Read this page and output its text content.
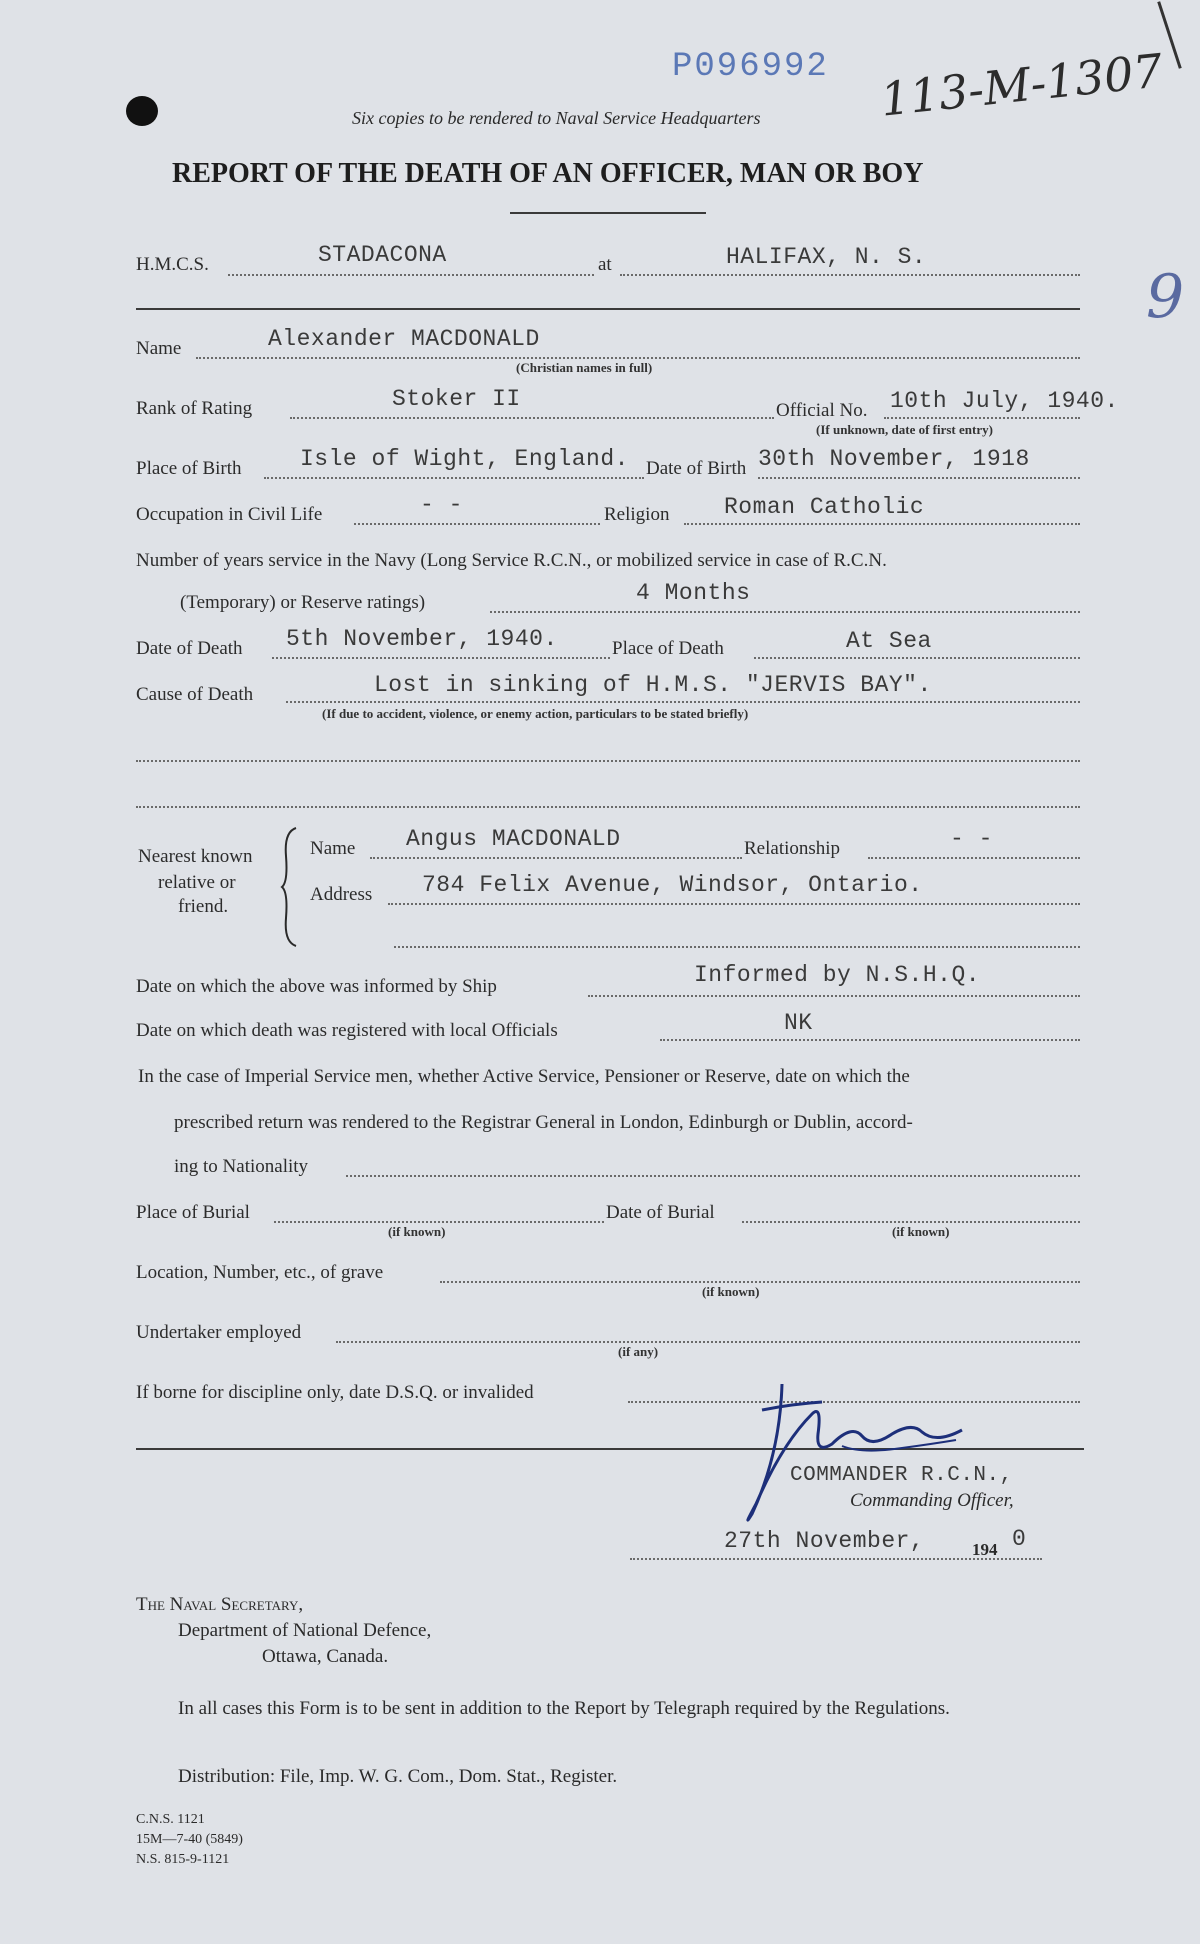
P096992 113-M-1307
9
Six copies to be rendered to Naval Service Headquarters
REPORT OF THE DEATH OF AN OFFICER, MAN OR BOY
H.M.C.S.	STADACONA	at	HALIFAX, N. S.
Name	Alexander MACDONALD
(Christian names in full)
Rank of Rating	Stoker II	Official No. 10th July, 1940.
(If unknown, date of first entry)
Place of Birth	Isle of Wight, England. Date of Birth 30th November, 1918
Occupation in Civil Life	- -	Religion Roman Catholic
Number of years service in the Navy (Long Service R.C.N., or mobilized service in case of R.C.N.
(Temporary) or Reserve ratings)	4 Months
Date of Death 5th November, 1940.	Place of Death	At Sea
Cause of Death	Lost in sinking of H.M.S. "JERVIS BAY".
(If due to accident, violence, or enemy action, particulars to be stated briefly)
Nearest known
relative or
friend.
Name Angus MACDONALD	Relationship	- -
Address 784 Felix Avenue, Windsor, Ontario.
Date on which the above was informed by Ship	Informed by N.S.H.Q.
Date on which death was registered with local Officials	NK
In the case of Imperial Service men, whether Active Service, Pensioner or Reserve, date on which the
prescribed return was rendered to the Registrar General in London, Edinburgh or Dublin, accord-
ing to Nationality
Place of Burial
(if known)
Date of Burial
(if known)
Location, Number, etc., of grave
(if known)
Undertaker employed
(if any)
If borne for discipline only, date D.S.Q. or invalided
COMMANDER R.C.N.,
Commanding Officer,
27th November,	194 0
The Naval Secretary,
Department of National Defence,
Ottawa, Canada.
In all cases this Form is to be sent in addition to the Report by Telegraph required by the Regulations.
Distribution: File, Imp. W. G. Com., Dom. Stat., Register.
C.N.S. 1121
15M—7-40 (5849)
N.S. 815-9-1121
